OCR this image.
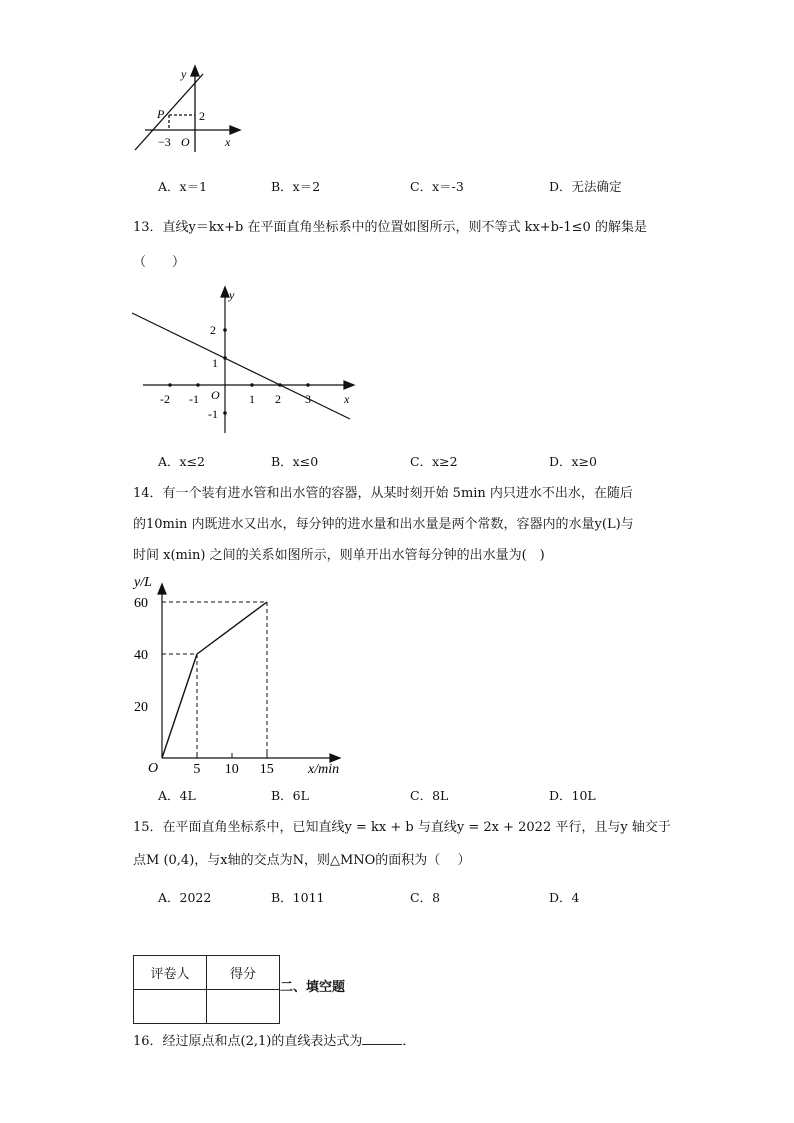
y
P	2
−3 O	x
A．x＝1	B．x＝2	C．x＝-3	D．无法确定
13．直线y＝kx+b 在平面直角坐标系中的位置如图所示，则不等式 kx+b-1≤0 的解集是
（　　）
y
2
1
-1
O
-2 -1	1 2 3	x
A．x≤2	B．x≤0	C．x≥2	D．x≥0
14．有一个装有进水管和出水管的容器，从某时刻开始 5min 内只进水不出水，在随后
的10min 内既进水又出水，每分钟的进水量和出水量是两个常数，容器内的水量y(L)与
时间 x(min) 之间的关系如图所示，则单开出水管每分钟的出水量为(　)
5 10 15
20
40
60
y/L
x/min
O
A．4L	B．6L	C．8L	D．10L
15．在平面直角坐标系中，已知直线y = kx + b 与直线y = 2x + 2022 平行，且与y 轴交于
点M (0,4)，与x轴的交点为N，则△MNO的面积为（　 ）
A．2022	B．1011	C．8	D．4
评卷人	得分

二、填空题
16．经过原点和点(2,1)的直线表达式为	．
